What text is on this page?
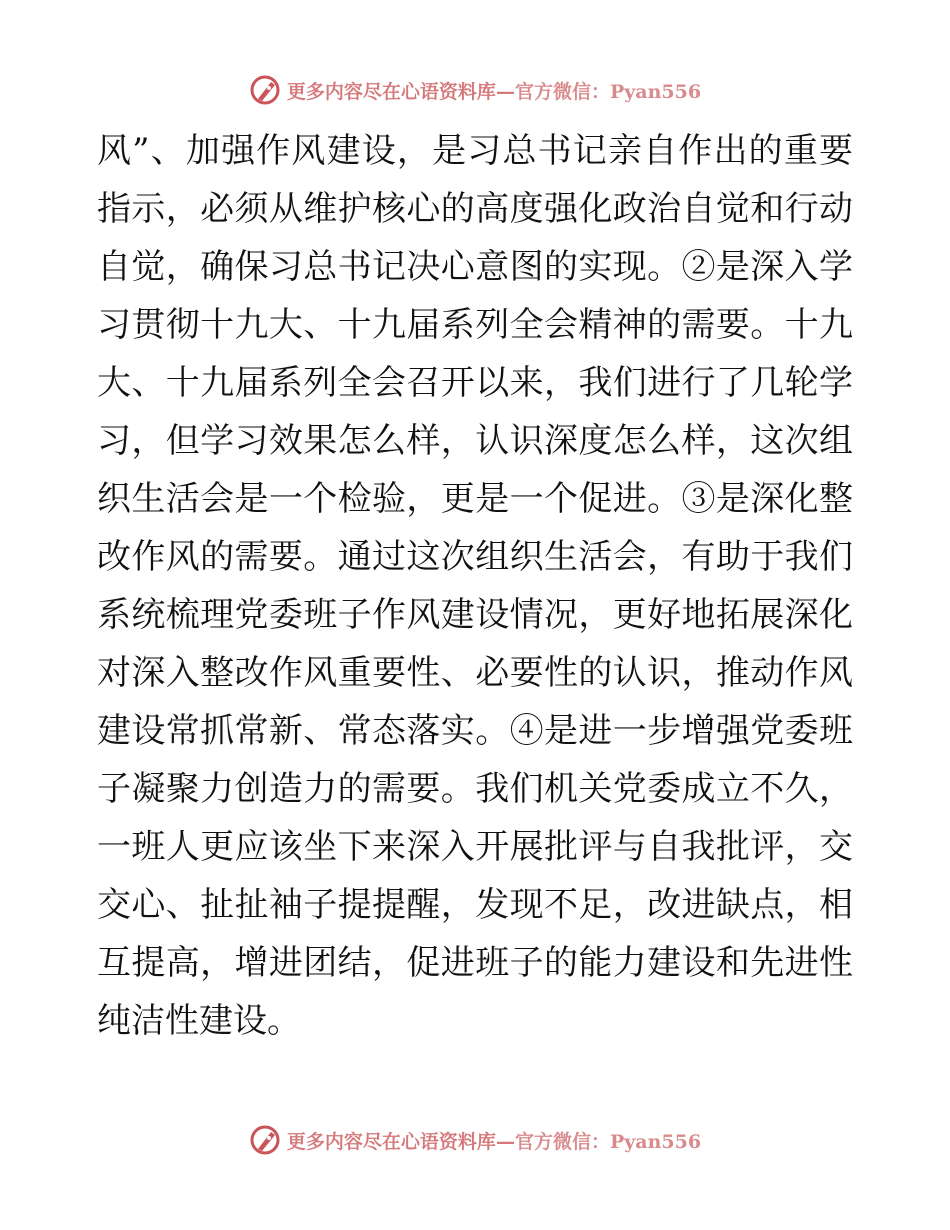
更多内容尽在心语资料库—官方微信：Pyan556
风”、加强作风建设，是习总书记亲自作出的重要
指示，必须从维护核心的高度强化政治自觉和行动
自觉，确保习总书记决心意图的实现。②是深入学
习贯彻十九大、十九届系列全会精神的需要。十九
大、十九届系列全会召开以来，我们进行了几轮学
习，但学习效果怎么样，认识深度怎么样，这次组
织生活会是一个检验，更是一个促进。③是深化整
改作风的需要。通过这次组织生活会，有助于我们
系统梳理党委班子作风建设情况，更好地拓展深化
对深入整改作风重要性、必要性的认识，推动作风
建设常抓常新、常态落实。④是进一步增强党委班
子凝聚力创造力的需要。我们机关党委成立不久，
一班人更应该坐下来深入开展批评与自我批评，交
交心、扯扯袖子提提醒，发现不足，改进缺点，相
互提高，增进团结，促进班子的能力建设和先进性
纯洁性建设。
更多内容尽在心语资料库—官方微信：Pyan556
